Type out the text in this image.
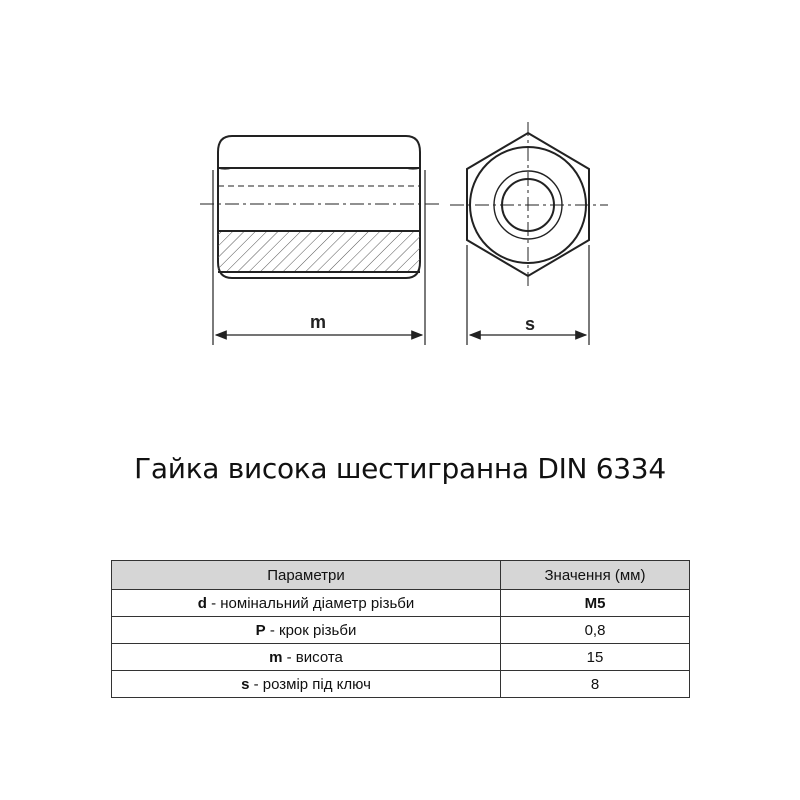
m	s
Гайка висока шестигранна DIN 6334
Параметри	Значення (мм)
d - номінальний діаметр різьби	M5
P - крок різьби	0,8
m - висота	15
s - розмір під ключ	8
